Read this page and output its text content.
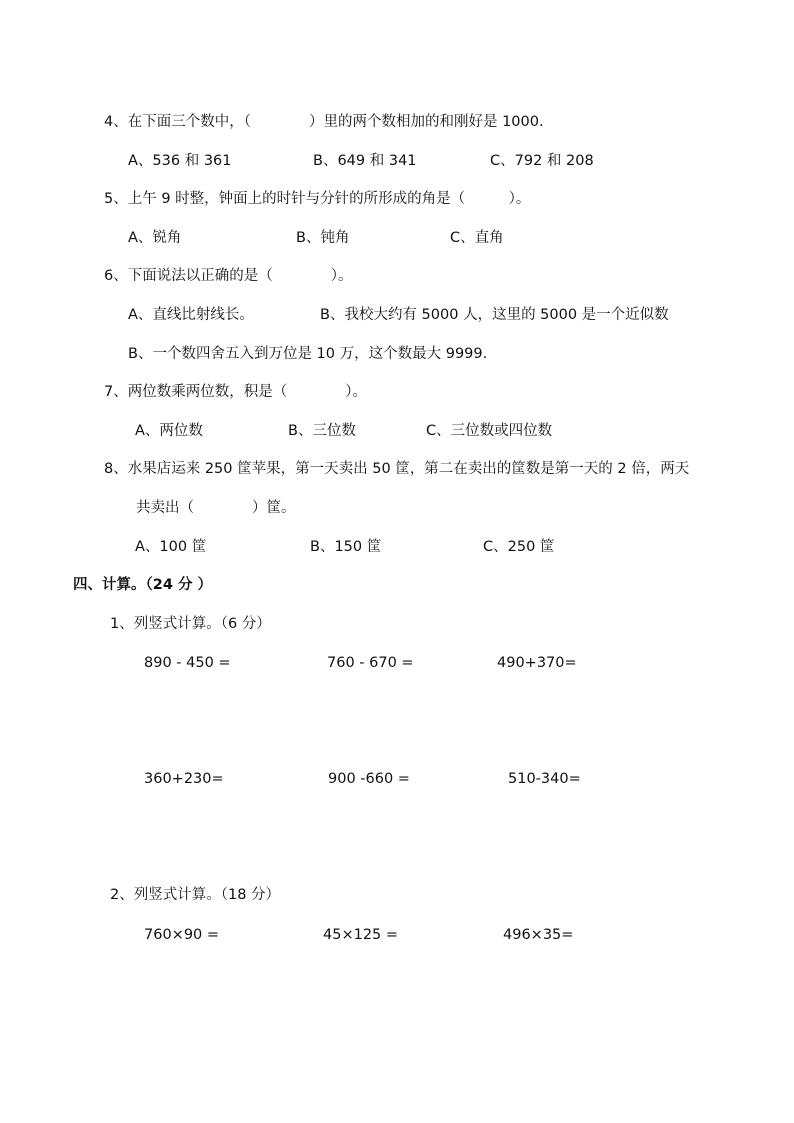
4、在下面三个数中，（　　　　）里的两个数相加的和刚好是 1000.
A、536 和 361	B、649 和 341	C、792 和 208
5、上午 9 时整，钟面上的时针与分针的所形成的角是（　　　）。
A、锐角	B、钝角	C、直角
6、下面说法以正确的是（　　　　）。
A、直线比射线长。	B、我校大约有 5000 人，这里的 5000 是一个近似数
B、一个数四舍五入到万位是 10 万，这个数最大 9999.
7、两位数乘两位数，积是（　　　　）。
A、两位数	B、三位数	C、三位数或四位数
8、水果店运来 250 筐苹果，第一天卖出 50 筐，第二在卖出的筐数是第一天的 2 倍，两天
共卖出（　　　　）筐。
A、100 筐	B、150 筐	C、250 筐
四、计算。（24 分 ）
1、列竖式计算。（6 分）
890 - 450 =	760 - 670 =	490+370=
360+230=	900 -660 =	510-340=
2、列竖式计算。（18 分）
760×90 =	45×125 =	496×35=
